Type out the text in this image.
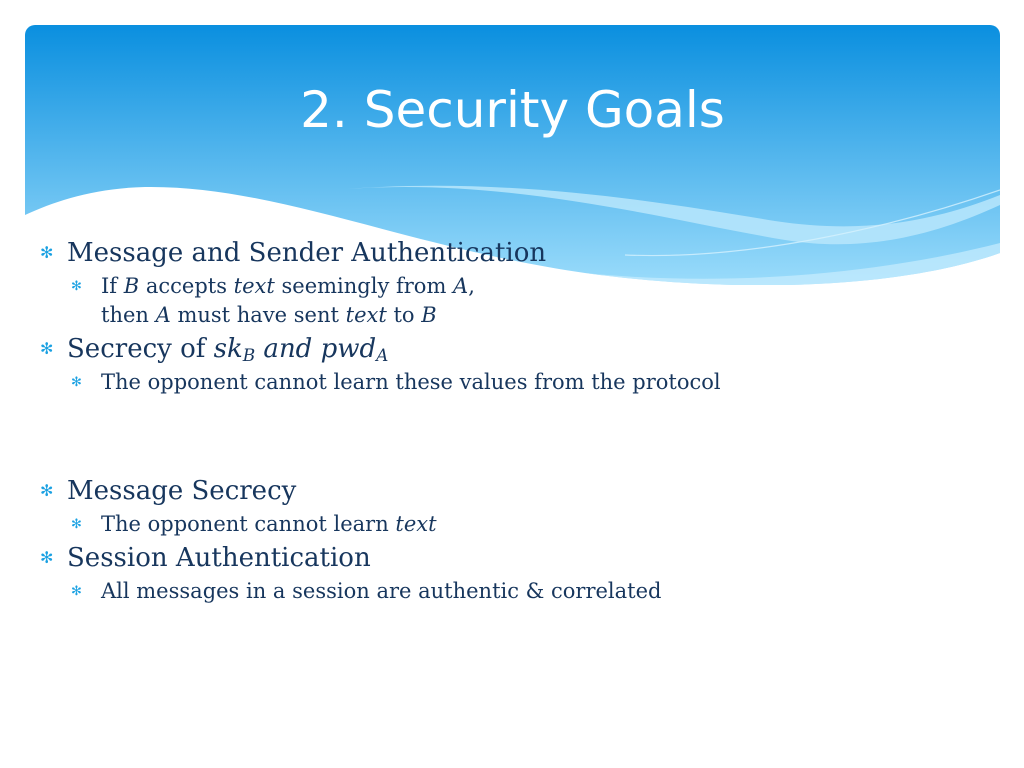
2. Security Goals
✻ Message and Sender Authentication
✻ If B accepts text seemingly from A,
then A must have sent text to B
✻ Secrecy of $sk_B$ and pwd$_A$
✻ The opponent cannot learn these values from the protocol
✻ Message Secrecy
✻ The opponent cannot learn text
✻ Session Authentication
✻ All messages in a session are authentic & correlated
